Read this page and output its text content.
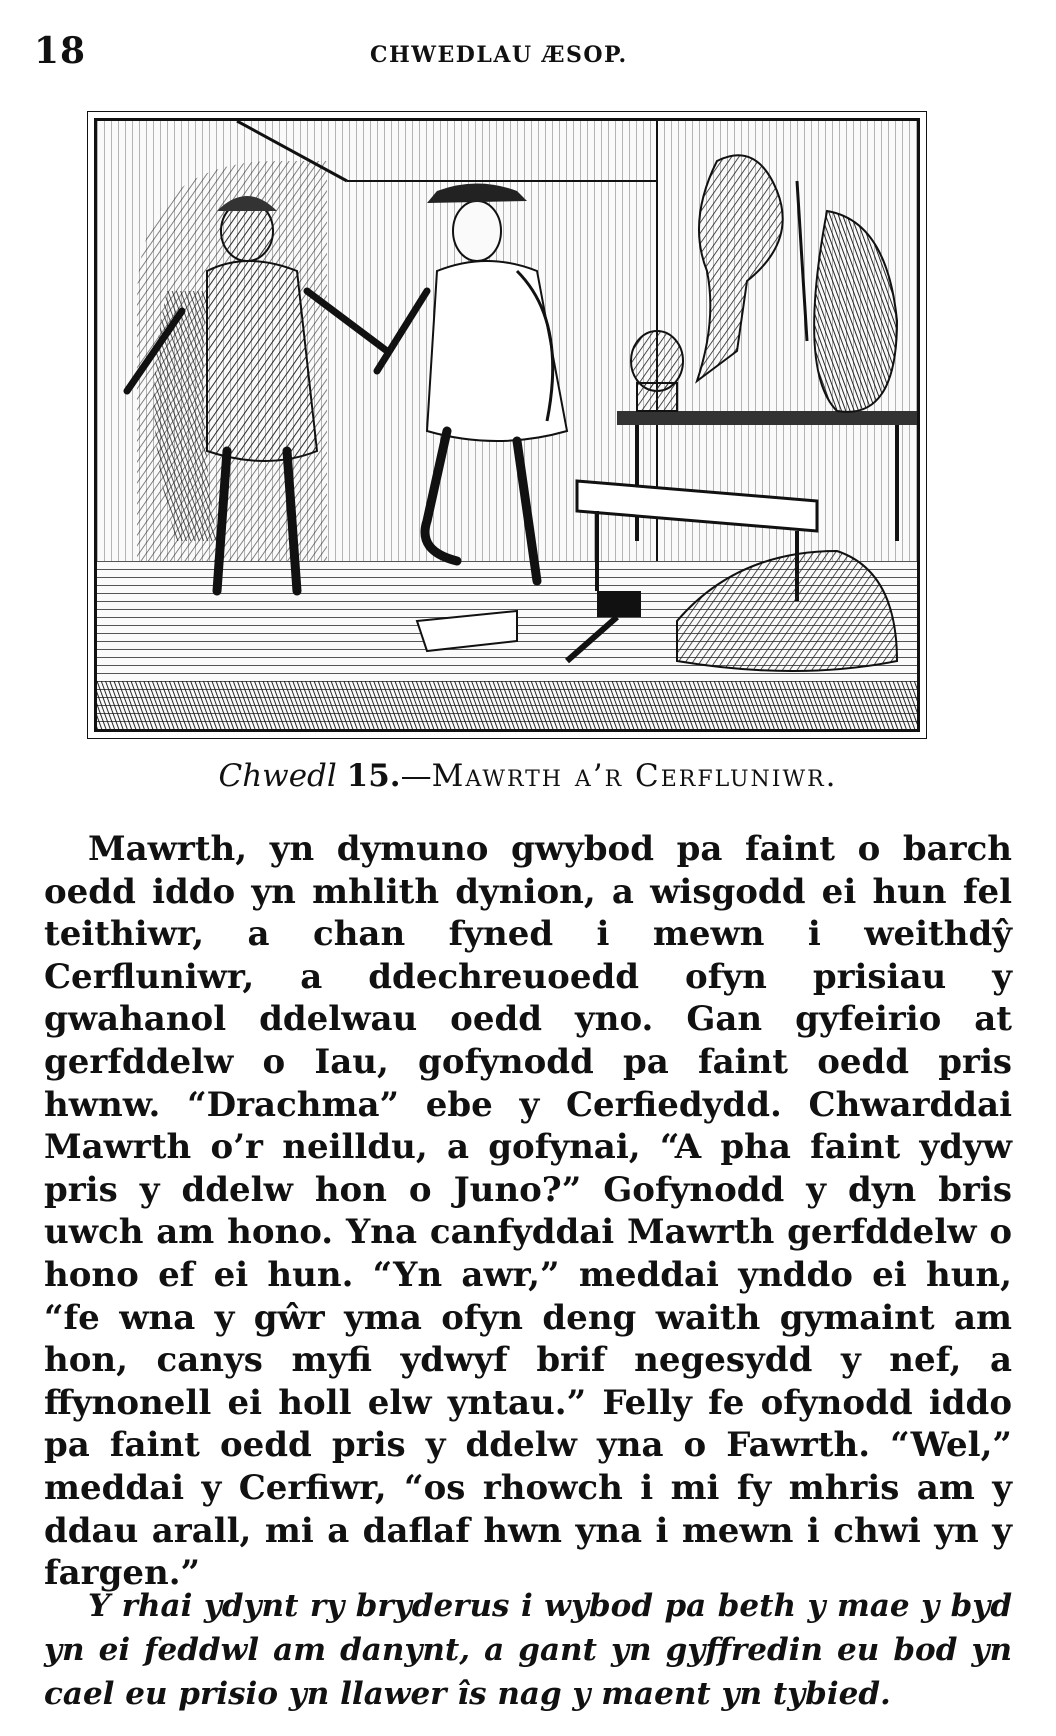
18	CHWEDLAU ÆSOP.
Chwedl 15.—Mawrth a’r Cerfluniwr.

Mawrth, yn dymuno gwybod pa faint o barch oedd iddo yn mhlith dynion, a wisgodd ei hun fel teithiwr, a chan fyned i mewn i weithdŷ Cerfluniwr, a ddechreuoedd ofyn prisiau y gwahanol ddelwau oedd yno. Gan gyfeirio at gerfddelw o Iau, gofynodd pa faint oedd pris hwnw. “Drachma” ebe y Cerfiedydd. Chwarddai Mawrth o’r neilldu, a gofynai, “A pha faint ydyw pris y ddelw hon o Juno?” Gofynodd y dyn bris uwch am hono. Yna canfyddai Mawrth gerfddelw o hono ef ei hun. “Yn awr,” meddai ynddo ei hun, “fe wna y gŵr yma ofyn deng waith gymaint am hon, canys myfi ydwyf brif negesydd y nef, a ffynonell ei holl elw yntau.” Felly fe ofynodd iddo pa faint oedd pris y ddelw yna o Fawrth. “Wel,” meddai y Cerfiwr, “os rhowch i mi fy mhris am y ddau arall, mi a daflaf hwn yna i mewn i chwi yn y fargen.”

Y rhai ydynt ry bryderus i wybod pa beth y mae y byd yn ei feddwl am danynt, a gant yn gyffredin eu bod yn cael eu prisio yn llawer îs nag y maent yn tybied.
